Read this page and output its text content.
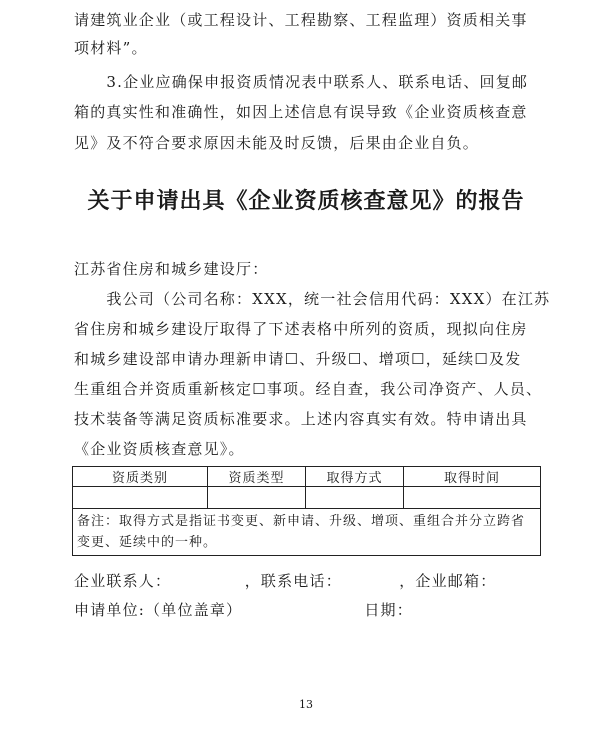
请建筑业企业（或工程设计、工程勘察、工程监理）资质相关事
项材料”。
　　3.企业应确保申报资质情况表中联系人、联系电话、回复邮
箱的真实性和准确性，如因上述信息有误导致《企业资质核查意
见》及不符合要求原因未能及时反馈，后果由企业自负。
关于申请出具《企业资质核查意见》的报告
江苏省住房和城乡建设厅：
　　我公司（公司名称：XXX，统一社会信用代码：XXX）在江苏
省住房和城乡建设厅取得了下述表格中所列的资质，现拟向住房
和城乡建设部申请办理新申请☐、升级☐、增项☐，延续☐及发
生重组合并资质重新核定☐事项。经自查，我公司净资产、人员、
技术装备等满足资质标准要求。上述内容真实有效。特申请出具
《企业资质核查意见》。
资质类别	资质类型	取得方式	取得时间

备注：取得方式是指证书变更、新申请、升级、增项、重组合并分立跨省变更、延续中的一种。			
企业联系人：　　　　　，联系电话：　　　　，企业邮箱：
申请单位:（单位盖章）　　　　　　　　日期：
13
